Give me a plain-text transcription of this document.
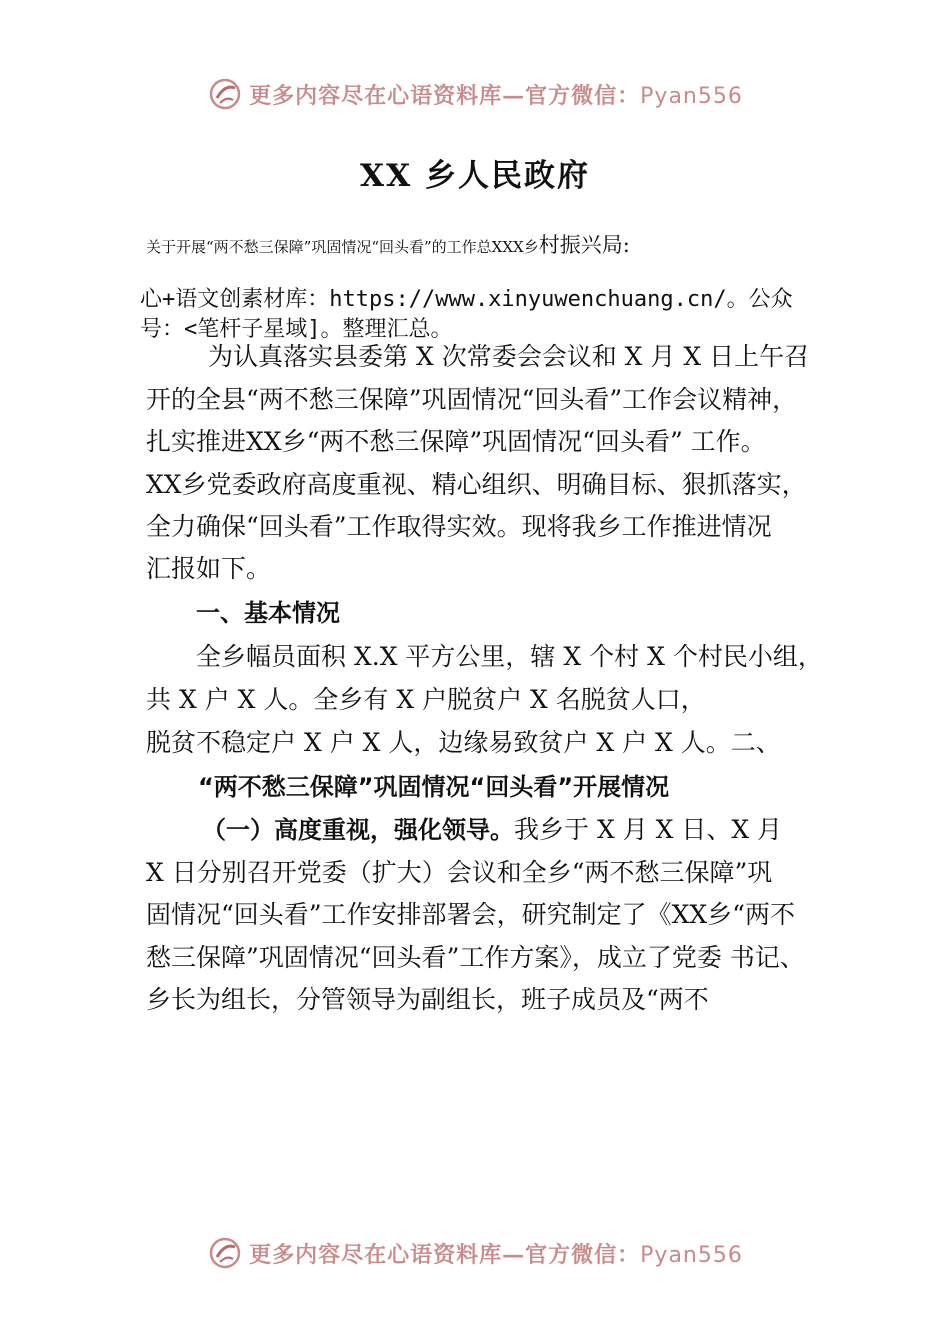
更多内容尽在心语资料库—官方微信：Pyan556
XX 乡人民政府
关于开展“两不愁三保障”巩固情况“回头看”的工作总XXX乡村振兴局:
心+语文创素材库：https://www.xinyuwenchuang.cn/。公众
号：<笔杆子星域]。整理汇总。
为认真落实县委第 X 次常委会会议和 X 月 X 日上午召
开的全县“两不愁三保障”巩固情况“回头看”工作会议精神，
扎实推进XX乡“两不愁三保障”巩固情况“回头看” 工作。
XX乡党委政府高度重视、精心组织、明确目标、狠抓落实，
全力确保“回头看”工作取得实效。现将我乡工作推进情况
汇报如下。
一、基本情况
全乡幅员面积 X.X 平方公里，辖 X 个村 X 个村民小组，
共 X 户 X 人。全乡有 X 户脱贫户 X 名脱贫人口，
脱贫不稳定户 X 户 X 人，边缘易致贫户 X 户 X 人。二、
“两不愁三保障”巩固情况“回头看”开展情况
（一）高度重视，强化领导。我乡于 X 月 X 日、X 月
X 日分别召开党委（扩大）会议和全乡“两不愁三保障”巩
固情况“回头看”工作安排部署会，研究制定了《XX乡“两不
愁三保障”巩固情况“回头看”工作方案》，成立了党委 书记、
乡长为组长，分管领导为副组长，班子成员及“两不
更多内容尽在心语资料库—官方微信：Pyan556
